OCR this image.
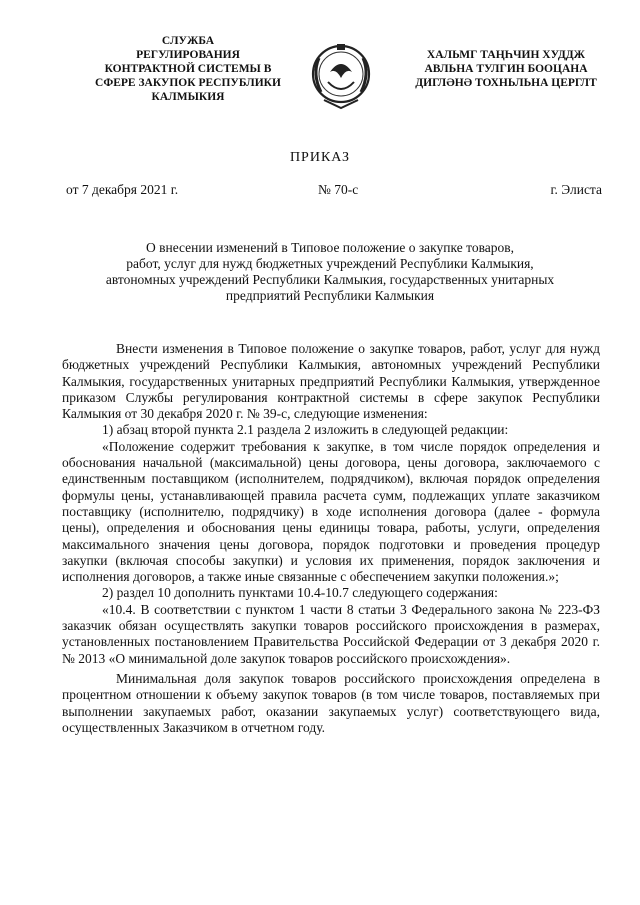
СЛУЖБА
РЕГУЛИРОВАНИЯ
КОНТРАКТНОЙ СИСТЕМЫ В
СФЕРЕ ЗАКУПОК РЕСПУБЛИКИ
КАЛМЫКИЯ
ХАЛЬМГ ТАҢҺЧИН ХУДДЖ
АВЛЬНА ТУЛГИН БООЦАНА
ДИГЛӘНӘ ТОХНЬЛЬНА ЦЕРГЛТ
ПРИКАЗ
от 7 декабря 2021 г.	№ 70-с	г. Элиста
О внесении изменений в Типовое положение о закупке товаров,
работ, услуг для нужд бюджетных учреждений Республики Калмыкия,
автономных учреждений Республики Калмыкия, государственных унитарных
предприятий Республики Калмыкия

Внести изменения в Типовое положение о закупке товаров, работ, услуг для нужд бюджетных учреждений Республики Калмыкия, автономных учреждений Республики Калмыкия, государственных унитарных предприятий Республики Калмыкия, утвержденное приказом Службы регулирования контрактной системы в сфере закупок Республики Калмыкия от 30 декабря 2020 г. № 39-с, следующие изменения:

1) абзац второй пункта 2.1 раздела 2 изложить в следующей редакции:

«Положение содержит требования к закупке, в том числе порядок определения и обоснования начальной (максимальной) цены договора, цены договора, заключаемого с единственным поставщиком (исполнителем, подрядчиком), включая порядок определения формулы цены, устанавливающей правила расчета сумм, подлежащих уплате заказчиком поставщику (исполнителю, подрядчику) в ходе исполнения договора (далее - формула цены), определения и обоснования цены единицы товара, работы, услуги, определения максимального значения цены договора, порядок подготовки и проведения процедур закупки (включая способы закупки) и условия их применения, порядок заключения и исполнения договоров, а также иные связанные с обеспечением закупки положения.»;

2) раздел 10 дополнить пунктами 10.4-10.7 следующего содержания:

«10.4. В соответствии с пунктом 1 части 8 статьи 3 Федерального закона № 223-ФЗ заказчик обязан осуществлять закупки товаров российского происхождения в размерах, установленных постановлением Правительства Российской Федерации от 3 декабря 2020 г. № 2013 «О минимальной доле закупок товаров российского происхождения».

Минимальная доля закупок товаров российского происхождения определена в процентном отношении к объему закупок товаров (в том числе товаров, поставляемых при выполнении закупаемых работ, оказании закупаемых услуг) соответствующего вида, осуществленных Заказчиком в отчетном году.
